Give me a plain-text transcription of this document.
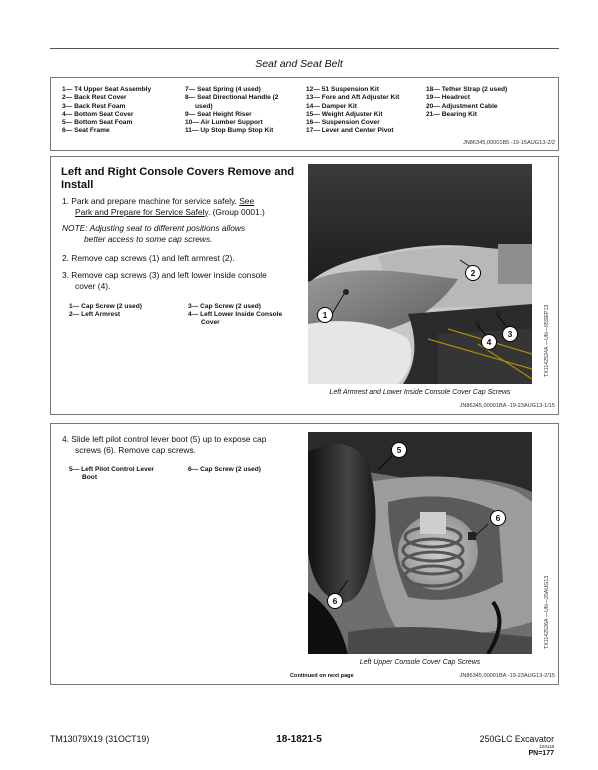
Seat and Seat Belt
1— T4 Upper Seat Assembly
2— Back Rest Cover
3— Back Rest Foam
4— Bottom Seat Cover
5— Bottom Seat Foam
6— Seat Frame
7— Seat Spring (4 used)
8— Seat Directional Handle (2
used)
9— Seat Height Riser
10— Air Lumber Support
11— Up Stop Bump Stop Kit
12— 51 Suspension Kit
13— Fore and Aft Adjuster Kit
14— Damper Kit
15— Weight Adjuster Kit
16— Suspension Cover
17— Lever and Center Pivot
18— Tether Strap (2 used)
19— Headrect
20— Adjustment Cable
21— Bearing Kit
JN86345,00001B5 -19-15AUG13-2/2
Left and Right Console Covers Remove and Install
1. Park and prepare machine for service safely. See
Park and Prepare for Service Safely. (Group 0001.)
NOTE: Adjusting seat to different positions allows
better access to some cap screws.
2. Remove cap screws (1) and left armrest (2).
3. Remove cap screws (3) and left lower inside console
cover (4).
1— Cap Screw (2 used)
2— Left Armrest
3— Cap Screw (2 used)
4— Left Lower Inside Console
Cover
2
1
3
4	TX1142524A —UN—05SEP13
Left Armrest and Lower Inside Console Cover Cap Screws
JN86345,00001BA -19-23AUG13-1/15
4. Slide left pilot control lever boot (5) up to expose cap
screws (6). Remove cap screws.
5— Left Pilot Control Lever
Boot
6— Cap Screw (2 used)
5
6
6	TX1142526A —UN—20AUG13
Left Upper Console Cover Cap Screws
Continued on next page	JN86345,00001BA -19-23AUG13-2/15
TM13079X19 (31OCT19)	18-1821-5	250GLC Excavator
103118
PN=177
